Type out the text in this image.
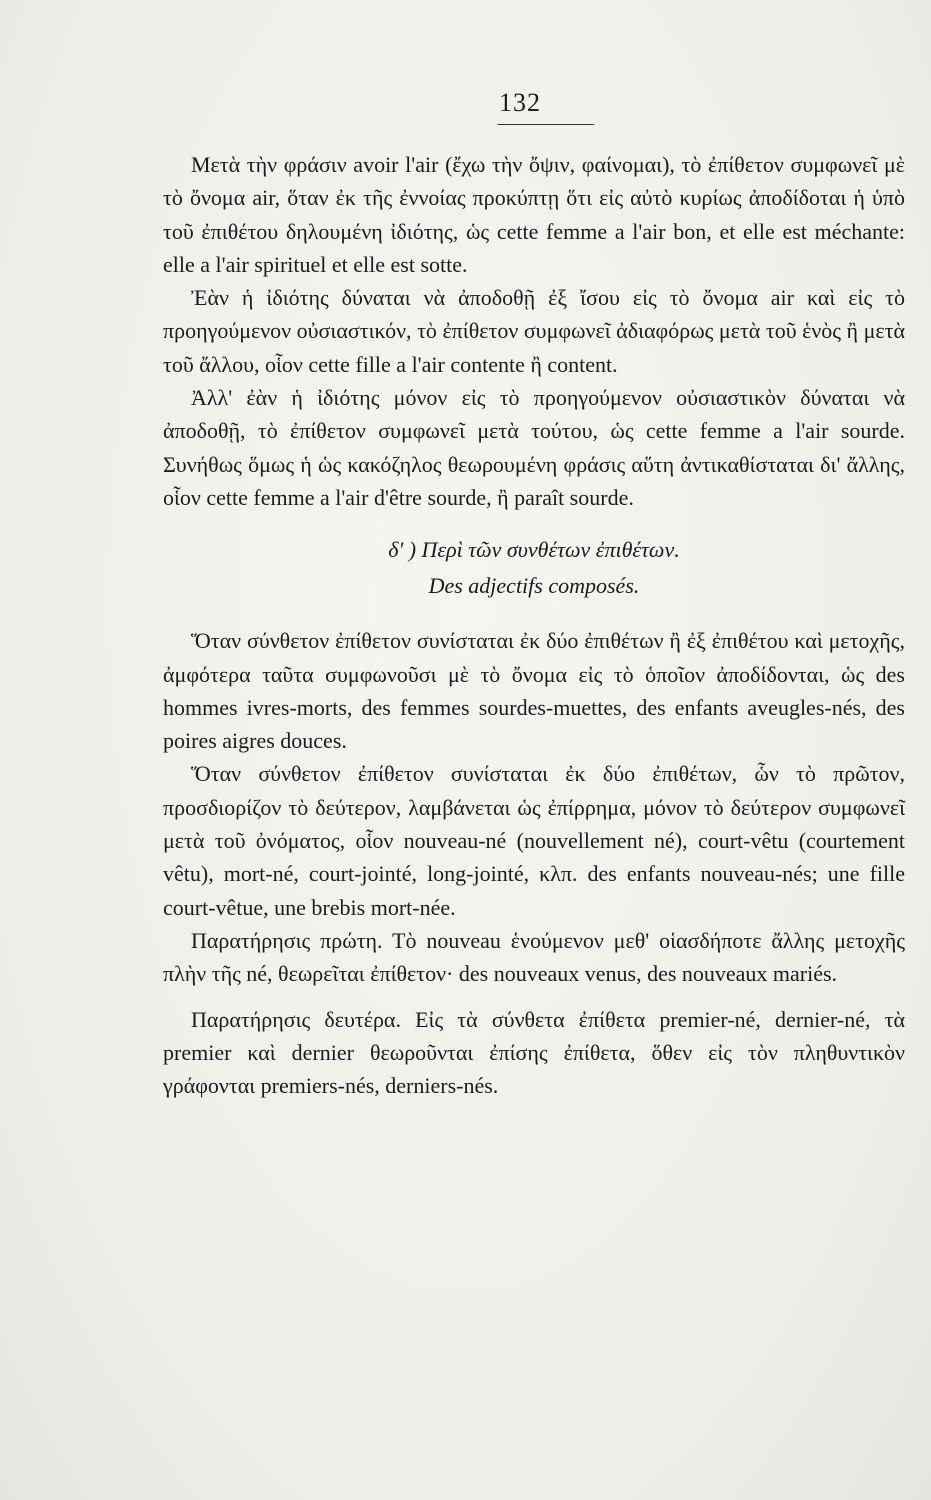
132

Μετὰ τὴν φράσιν avoir l'air (ἔχω τὴν ὄψιν, φαίνομαι), τὸ ἐπίθετον συμφωνεῖ μὲ τὸ ὄνομα air, ὅταν ἐκ τῆς ἐννοίας προκύπτῃ ὅτι εἰς αὐτὸ κυρίως ἀποδίδοται ἡ ὑπὸ τοῦ ἐπιθέτου δηλουμένη ἰδιότης, ὡς cette femme a l'air bon, et elle est méchante: elle a l'air spirituel et elle est sotte.

Ἐὰν ἡ ἰδιότης δύναται νὰ ἀποδοθῇ ἐξ ἴσου εἰς τὸ ὄνομα air καὶ εἰς τὸ προηγούμενον οὐσιαστικόν, τὸ ἐπίθετον συμφωνεῖ ἀδιαφόρως μετὰ τοῦ ἑνὸς ἢ μετὰ τοῦ ἄλλου, οἷον cette fille a l'air contente ἢ content.

Ἀλλ' ἐὰν ἡ ἰδιότης μόνον εἰς τὸ προηγούμενον οὐσιαστικὸν δύναται νὰ ἀποδοθῇ, τὸ ἐπίθετον συμφωνεῖ μετὰ τούτου, ὡς cette femme a l'air sourde. Συνήθως ὅμως ἡ ὡς κακόζηλος θεωρουμένη φράσις αὕτη ἀντικαθίσταται δι' ἄλλης, οἷον cette femme a l'air d'être sourde, ἢ paraît sourde.

δ' ) Περὶ τῶν συνθέτων ἐπιθέτων.
Des adjectifs composés.

Ὅταν σύνθετον ἐπίθετον συνίσταται ἐκ δύο ἐπιθέτων ἢ ἐξ ἐπιθέτου καὶ μετοχῆς, ἀμφότερα ταῦτα συμφωνοῦσι μὲ τὸ ὄνομα εἰς τὸ ὁποῖον ἀποδίδονται, ὡς des hommes ivres-morts, des femmes sourdes-muettes, des enfants aveugles-nés, des poires aigres douces.

Ὅταν σύνθετον ἐπίθετον συνίσταται ἐκ δύο ἐπιθέτων, ὧν τὸ πρῶτον, προσδιορίζον τὸ δεύτερον, λαμβάνεται ὡς ἐπίρρημα, μόνον τὸ δεύτερον συμφωνεῖ μετὰ τοῦ ὀνόματος, οἷον nouveau-né (nouvellement né), court-vêtu (courtement vêtu), mort-né, court-jointé, long-jointé, κλπ. des enfants nouveau-nés; une fille court-vêtue, une brebis mort-née.

Παρατήρησις πρώτη. Τὸ nouveau ἑνούμενον μεθ' οἱασδήποτε ἄλλης μετοχῆς πλὴν τῆς né, θεωρεῖται ἐπίθετον· des nouveaux venus, des nouveaux mariés.

Παρατήρησις δευτέρα. Εἰς τὰ σύνθετα ἐπίθετα premier-né, dernier-né, τὰ premier καὶ dernier θεωροῦνται ἐπίσης ἐπίθετα, ὅθεν εἰς τὸν πληθυντικὸν γράφονται premiers-nés, derniers-nés.
